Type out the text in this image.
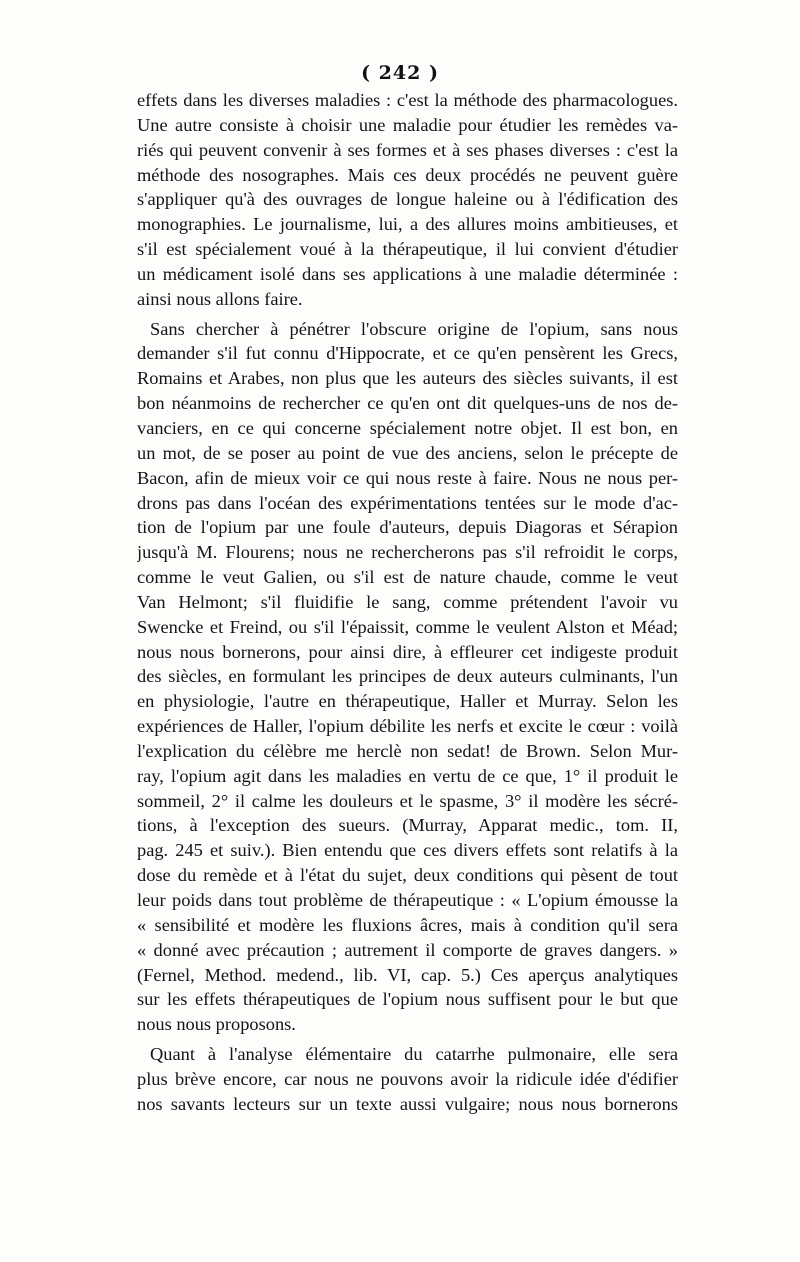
( 242 )
effets dans les diverses maladies : c'est la méthode des pharmacologues.
Une autre consiste à choisir une maladie pour étudier les remèdes va-
riés qui peuvent convenir à ses formes et à ses phases diverses : c'est la
méthode des nosographes. Mais ces deux procédés ne peuvent guère
s'appliquer qu'à des ouvrages de longue haleine ou à l'édification des
monographies. Le journalisme, lui, a des allures moins ambitieuses, et
s'il est spécialement voué à la thérapeutique, il lui convient d'étudier
un médicament isolé dans ses applications à une maladie déterminée :
ainsi nous allons faire.
Sans chercher à pénétrer l'obscure origine de l'opium, sans nous
demander s'il fut connu d'Hippocrate, et ce qu'en pensèrent les Grecs,
Romains et Arabes, non plus que les auteurs des siècles suivants, il est
bon néanmoins de rechercher ce qu'en ont dit quelques-uns de nos de-
vanciers, en ce qui concerne spécialement notre objet. Il est bon, en
un mot, de se poser au point de vue des anciens, selon le précepte de
Bacon, afin de mieux voir ce qui nous reste à faire. Nous ne nous per-
drons pas dans l'océan des expérimentations tentées sur le mode d'ac-
tion de l'opium par une foule d'auteurs, depuis Diagoras et Sérapion
jusqu'à M. Flourens; nous ne rechercherons pas s'il refroidit le corps,
comme le veut Galien, ou s'il est de nature chaude, comme le veut
Van Helmont; s'il fluidifie le sang, comme prétendent l'avoir vu
Swencke et Freind, ou s'il l'épaissit, comme le veulent Alston et Méad;
nous nous bornerons, pour ainsi dire, à effleurer cet indigeste produit
des siècles, en formulant les principes de deux auteurs culminants, l'un
en physiologie, l'autre en thérapeutique, Haller et Murray. Selon les
expériences de Haller, l'opium débilite les nerfs et excite le cœur : voilà
l'explication du célèbre me herclè non sedat! de Brown. Selon Mur-
ray, l'opium agit dans les maladies en vertu de ce que, 1° il produit le
sommeil, 2° il calme les douleurs et le spasme, 3° il modère les sécré-
tions, à l'exception des sueurs. (Murray, Apparat medic., tom. II,
pag. 245 et suiv.). Bien entendu que ces divers effets sont relatifs à la
dose du remède et à l'état du sujet, deux conditions qui pèsent de tout
leur poids dans tout problème de thérapeutique : « L'opium émousse la
« sensibilité et modère les fluxions âcres, mais à condition qu'il sera
« donné avec précaution ; autrement il comporte de graves dangers. »
(Fernel, Method. medend., lib. VI, cap. 5.) Ces aperçus analytiques
sur les effets thérapeutiques de l'opium nous suffisent pour le but que
nous nous proposons.
Quant à l'analyse élémentaire du catarrhe pulmonaire, elle sera
plus brève encore, car nous ne pouvons avoir la ridicule idée d'édifier
nos savants lecteurs sur un texte aussi vulgaire; nous nous bornerons
